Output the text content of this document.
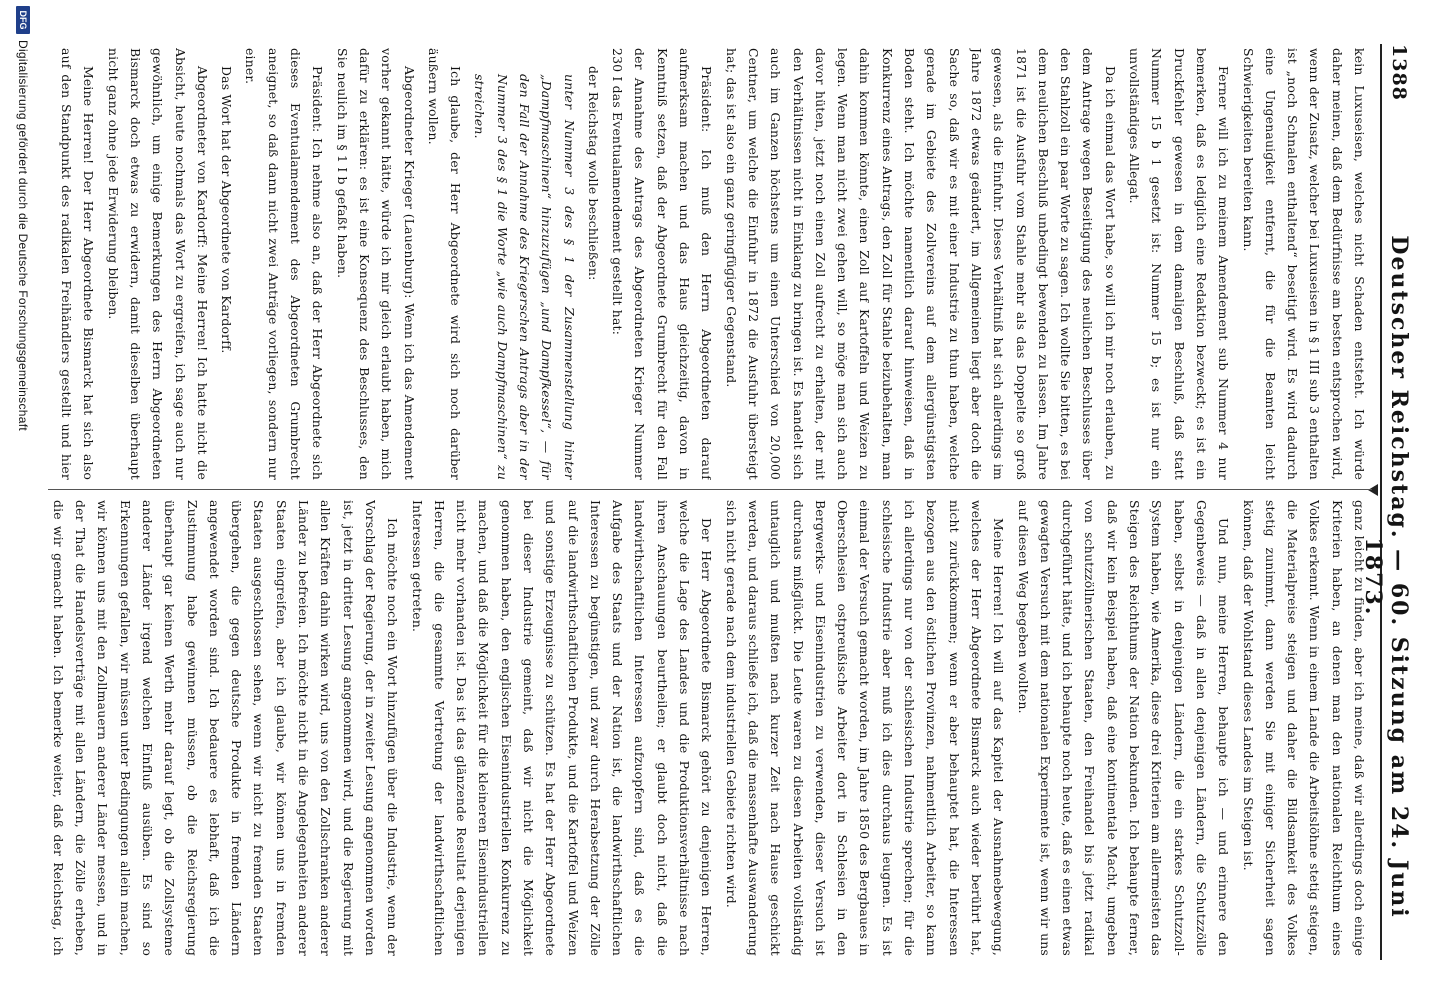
1388
Deutscher Reichstag. — 60. Sitzung am 24. Juni 1873.

kein Luxuseisen, welches nicht Schaden entsteht. Ich würde daher meinen, daß dem Bedürfnisse am besten entsprochen wird, wenn der Zusatz, welcher bei Luxuseisen in § 1 III sub 3 enthalten ist „noch Schnalen enthaltend“ beseitigt wird. Es wird dadurch eine Ungenauigkeit entfernt, die für die Beamten leicht Schwierigkeiten bereiten kann.

Ferner will ich zu meinem Amendement sub Nummer 4 nur bemerken, daß es lediglich eine Redaktion bezweckt; es ist ein Druckfehler gewesen in dem damaligen Beschluß, daß statt Nummer 15 b 1 gesetzt ist: Nummer 15 b; es ist nur ein unvollständiges Allegat.

Da ich einmal das Wort habe, so will ich mir noch erlauben, zu dem Antrage wegen Beseitigung des neulichen Beschlusses über den Stahlzoll ein paar Worte zu sagen. Ich wollte Sie bitten, es bei dem neulichen Beschluß unbedingt bewenden zu lassen. Im Jahre 1871 ist die Ausfuhr vom Stahle mehr als das Doppelte so groß gewesen, als die Einfuhr. Dieses Verhältniß hat sich allerdings im Jahre 1872 etwas geändert, im Allgemeinen liegt aber doch die Sache so, daß wir es mit einer Industrie zu thun haben, welche gerade im Gebiete des Zollvereins auf dem allergünstigsten Boden steht. Ich möchte namentlich darauf hinweisen, daß in Konkurrenz eines Antrags, den Zoll für Stahle beizubehalten, man dahin kommen könnte, einen Zoll auf Kartoffeln und Weizen zu legen. Wenn man nicht zwei gehen will, so möge man sich auch davor hüten, jetzt noch einen Zoll aufrecht zu erhalten, der mit den Verhältnissen nicht in Einklang zu bringen ist. Es handelt sich auch im Ganzen höchstens um einen Unterschied von 20,000 Centner, um welche die Einfuhr in 1872 die Ausfuhr übersteigt hat; das ist also ein ganz geringfügiger Gegenstand.

Präsident: Ich muß den Herrn Abgeordneten darauf aufmerksam machen und das Haus gleichzeitig, davon in Kenntniß setzen, daß der Abgeordnete Grumbrecht für den Fall der Annahme des Antrags des Abgeordneten Krieger Nummer 230 I das Eventualamendement gestellt hat:

der Reichstag wolle beschließen:

unter Nummer 3 des § 1 der Zusammenstellung hinter „Dampfmaschinen“ hinzuzufügen „und Dampfkessel“, — für den Fall der Annahme des Kriegerschen Antrags aber in der Nummer 3 des § 1 die Worte „wie auch Dampfmaschinen“ zu streichen.

Ich glaube, der Herr Abgeordnete wird sich noch darüber äußern wollen.

Abgeordneter Krieger (Lauenburg): Wenn ich das Amendement vorher gekannt hätte, würde ich mir gleich erlaubt haben, mich dafür zu erklären: es ist eine Konsequenz des Beschlusses, den Sie neulich im § 1 I b gefaßt haben.

Präsident: Ich nehme also an, daß der Herr Abgeordnete sich dieses Eventualamendement des Abgeordneten Grumbrecht aneignet, so daß dann nicht zwei Anträge vorliegen, sondern nur einer.

Das Wort hat der Abgeordnete von Kardorff.

Abgeordneter von Kardorff: Meine Herren! Ich hatte nicht die Absicht, heute nochmals das Wort zu ergreifen, ich sage auch nur gewöhnlich, um einige Bemerkungen des Herrn Abgeordneten Bismarck doch etwas zu erwidern, damit dieselben überhaupt nicht ganz ohne jede Erwiderung bleiben.

Meine Herren! Der Herr Abgeordnete Bismarck hat sich also auf den Standpunkt des radikalen Freihändlers gestellt und hier

ganz leicht zu finden, aber ich meine, daß wir allerdings doch einige Kriterien haben, an denen man den nationalen Reichthum eines Volkes erkennt. Wenn in einem Lande die Arbeitslöhne stetig steigen, die Materialpreise steigen und daher die Bildsamkeit des Volkes stetig zunimmt, dann werden Sie mit einiger Sicherheit sagen können, daß der Wohlstand dieses Landes im Steigen ist.

Und nun, meine Herren, behaupte ich — und erinnere den Gegenbeweis — daß in allen denjenigen Ländern, die Schutzzölle haben, selbst in denjenigen Ländern, die ein starkes Schutzzoll-System haben, wie Amerika, diese drei Kriterien am allermeisten das Steigen des Reichthums der Nation bekunden. Ich behaupte ferner, daß wir kein Beispiel haben, daß eine kontinentale Macht, umgeben von schutzzöllnerischen Staaten, den Freihandel bis jetzt radikal durchgeführt hätte, und ich behaupte noch heute, daß es einen etwas gewagten Versuch mit dem nationalen Experimente ist, wenn wir uns auf diesen Weg begeben wollten.

Meine Herren! Ich will auf das Kapitel der Ausnahmebewegung, welches der Herr Abgeordnete Bismarck auch wieder berührt hat, nicht zurückkommen; wenn er aber behauptet hat, die Interessen bezogen aus den östlichen Provinzen, nahmentlich Arbeiter, so kann ich allerdings nur von der schlesischen Industrie sprechen; für die schlesische Industrie aber muß ich dies durchaus leugnen. Es ist einmal der Versuch gemacht worden, im Jahre 1850 des Bergbaues in Oberschlesien ostpreußische Arbeiter dort in Schlesien in den Bergwerks- und Eisenindustrien zu verwenden, dieser Versuch ist durchaus mißglückt. Die Leute waren zu diesen Arbeiten vollständig untauglich und mußten nach kurzer Zeit nach Hause geschickt werden, und daraus schließe ich, daß die massenhafte Auswanderung sich nicht gerade nach dem industriellen Gebiete richten wird.

Der Herr Abgeordnete Bismarck gehört zu denjenigen Herren, welche die Lage des Landes und die Produktionsverhältnisse nach ihren Anschauungen beurtheilen; er glaubt doch nicht, daß die landwirthschaftlichen Interessen aufzuopfern sind, daß es die Aufgabe des Staats und der Nation ist, die landwirthschaftlichen Interessen zu begünstigen, und zwar durch Herabsetzung der Zölle auf die landwirthschaftlichen Produkte, und die Kartoffel und Weizen und sonstige Erzeugnisse zu schützen. Es hat der Herr Abgeordnete bei dieser Industrie gemeint, daß wir nicht die Möglichkeit genommen haben, den englischen Eisenindustriellen Konkurrenz zu machen, und daß die Möglichkeit für die kleineren Eisenindustriellen nicht mehr vorhanden ist. Das ist das glänzende Resultat derjenigen Herren, die die gesammte Vertretung der landwirthschaftlichen Interessen getreten.

Ich möchte noch ein Wort hinzufügen über die Industrie, wenn der Vorschlag der Regierung, der in zweiter Lesung angenommen worden ist, jetzt in dritter Lesung angenommen wird, und die Regierung mit allen Kräften dahin wirken wird, uns von den Zollschranken anderer Länder zu befreien. Ich möchte nicht in die Angelegenheiten anderer Staaten eingreifen, aber ich glaube, wir können uns in fremden Staaten ausgeschlossen sehen, wenn wir nicht zu fremden Staaten übergehen, die gegen deutsche Produkte in fremden Ländern angewendet worden sind. Ich bedauere es lebhaft, daß ich die Zustimmung habe gewinnen müssen, ob die Reichsregierung überhaupt gar keinen Werth mehr darauf legt, ob die Zollsysteme anderer Länder irgend welchen Einfluß ausüben. Es sind so Erkennungen gefallen, wir müssen unter Bedingungen allein machen, wir können uns mit den Zollmauern anderer Länder messen, und in der That die Handelsverträge mit allen Ländern, die Zölle erheben, die wir gemacht haben. Ich bemerke weiter, daß der Reichstag, ich

DFG
Digitalisierung gefördert durch die Deutsche Forschungsgemeinschaft
